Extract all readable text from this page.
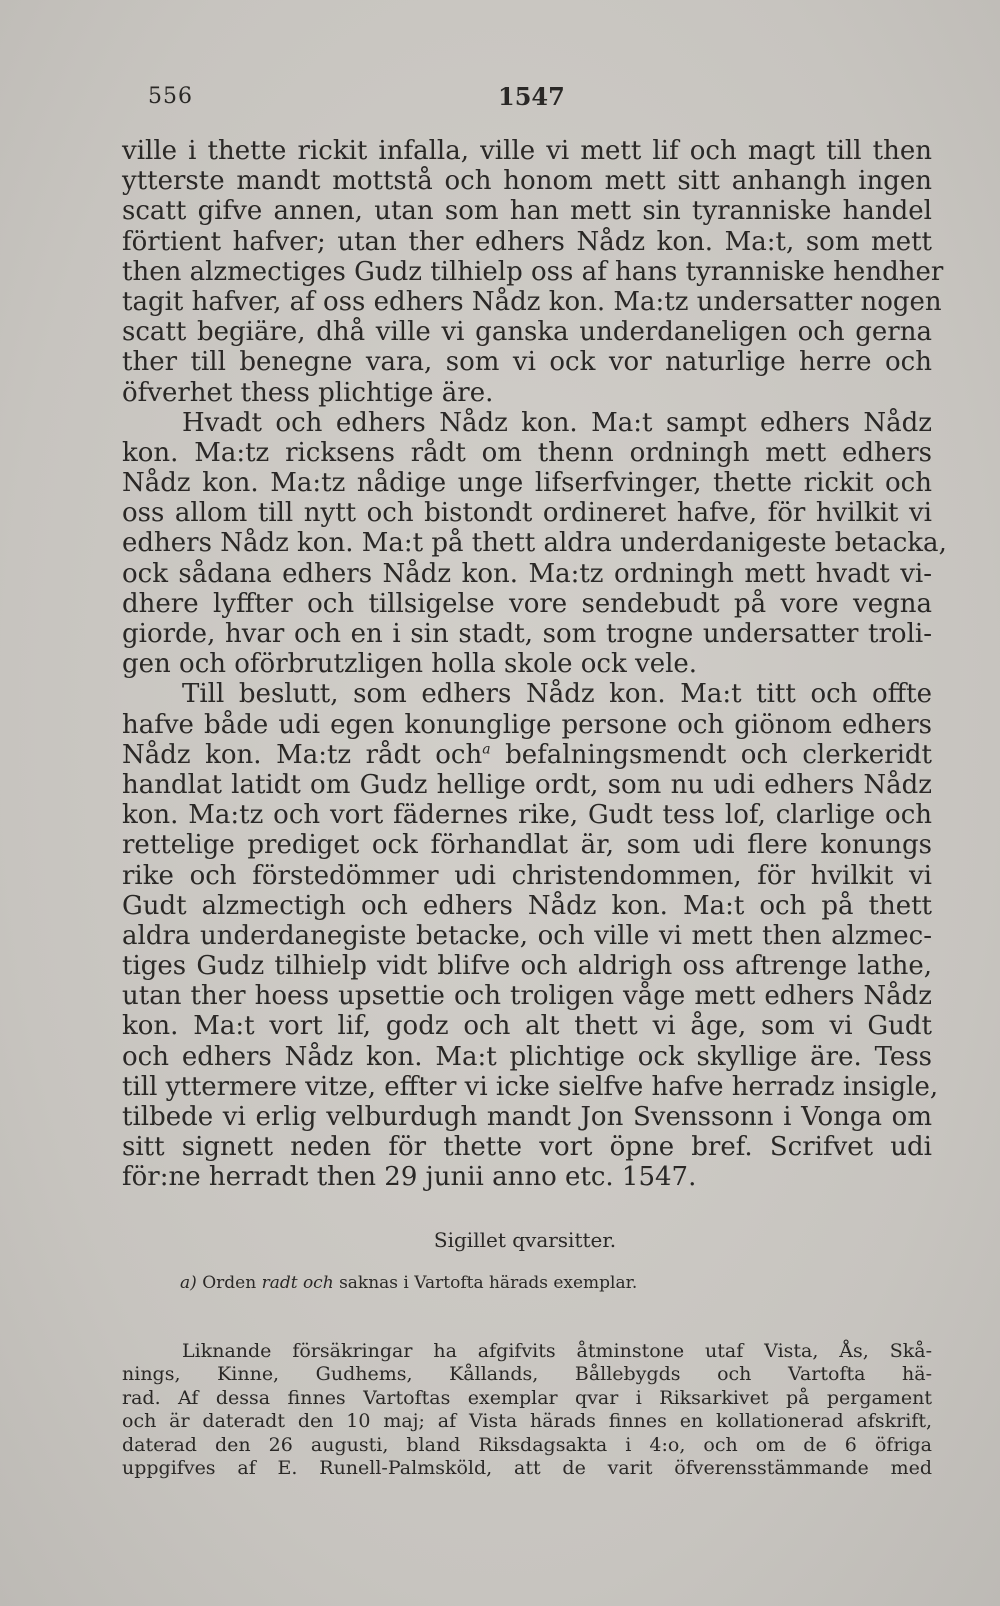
556	1547
ville i thette rickit infalla, ville vi mett lif och magt till then
ytterste mandt mottstå och honom mett sitt anhangh ingen
scatt gifve annen, utan som han mett sin tyranniske handel
förtient hafver; utan ther edhers Nådz kon. Ma:t, som mett
then alzmectiges Gudz tilhielp oss af hans tyranniske hendher
tagit hafver, af oss edhers Nådz kon. Ma:tz undersatter nogen
scatt begiäre, dhå ville vi ganska underdaneligen och gerna
ther till benegne vara, som vi ock vor naturlige herre och
öfverhet thess plichtige äre.
Hvadt och edhers Nådz kon. Ma:t sampt edhers Nådz
kon. Ma:tz ricksens rådt om thenn ordningh mett edhers
Nådz kon. Ma:tz nådige unge lifserfvinger, thette rickit och
oss allom till nytt och bistondt ordineret hafve, för hvilkit vi
edhers Nådz kon. Ma:t på thett aldra underdanigeste betacka,
ock sådana edhers Nådz kon. Ma:tz ordningh mett hvadt vi-
dhere lyffter och tillsigelse vore sendebudt på vore vegna
giorde, hvar och en i sin stadt, som trogne undersatter troli-
gen och oförbrutzligen holla skole ock vele.
Till beslutt, som edhers Nådz kon. Ma:t titt och offte
hafve både udi egen konunglige persone och giönom edhers
Nådz kon. Ma:tz rådt och$^a$ befalningsmendt och clerkeridt
handlat latidt om Gudz hellige ordt, som nu udi edhers Nådz
kon. Ma:tz och vort fädernes rike, Gudt tess lof, clarlige och
rettelige prediget ock förhandlat är, som udi flere konungs
rike och förstedömmer udi christendommen, för hvilkit vi
Gudt alzmectigh och edhers Nådz kon. Ma:t och på thett
aldra underdanegiste betacke, och ville vi mett then alzmec-
tiges Gudz tilhielp vidt blifve och aldrigh oss aftrenge lathe,
utan ther hoess upsettie och troligen våge mett edhers Nådz
kon. Ma:t vort lif, godz och alt thett vi åge, som vi Gudt
och edhers Nådz kon. Ma:t plichtige ock skyllige äre. Tess
till yttermere vitze, effter vi icke sielfve hafve herradz insigle,
tilbede vi erlig velburdugh mandt Jon Svenssonn i Vonga om
sitt signett neden för thette vort öpne bref. Scrifvet udi
för:ne herradt then 29 junii anno etc. 1547.
Sigillet qvarsitter.
a) Orden radt och saknas i Vartofta härads exemplar.
Liknande försäkringar ha afgifvits åtminstone utaf Vista, Ås, Skå-
nings, Kinne, Gudhems, Kållands, Bållebygds och Vartofta hä-
rad. Af dessa finnes Vartoftas exemplar qvar i Riksarkivet på pergament
och är dateradt den 10 maj; af Vista härads finnes en kollationerad afskrift,
daterad den 26 augusti, bland Riksdagsakta i 4:o, och om de 6 öfriga
uppgifves af E. Runell-Palmsköld, att de varit öfverensstämmande med
